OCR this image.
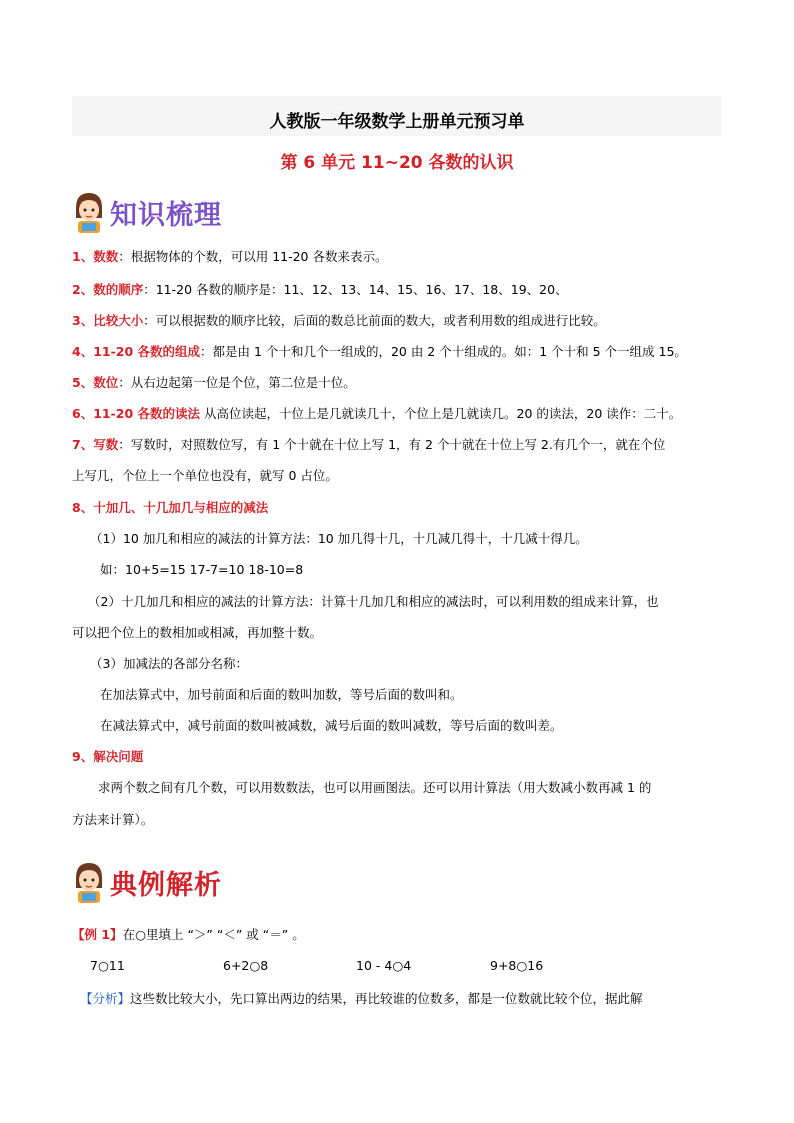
人教版一年级数学上册单元预习单
第 6 单元 11~20 各数的认识
知识梳理
1、数数：根据物体的个数，可以用 11-20 各数来表示。
2、数的顺序：11-20 各数的顺序是：11、12、13、14、15、16、17、18、19、20、
3、比较大小：可以根据数的顺序比较，后面的数总比前面的数大，或者利用数的组成进行比较。
4、11-20 各数的组成：都是由 1 个十和几个一组成的，20 由 2 个十组成的。如：1 个十和 5 个一组成 15。
5、数位：从右边起第一位是个位，第二位是十位。
6、11-20 各数的读法 从高位读起，十位上是几就读几十，个位上是几就读几。20 的读法，20 读作：二十。
7、写数：写数时，对照数位写，有 1 个十就在十位上写 1，有 2 个十就在十位上写 2.有几个一，就在个位
上写几，个位上一个单位也没有，就写 0 占位。
8、十加几、十几加几与相应的减法
（1）10 加几和相应的减法的计算方法：10 加几得十几，十几减几得十，十几减十得几。
如：10+5=15 17-7=10 18-10=8
（2）十几加几和相应的减法的计算方法：计算十几加几和相应的减法时，可以利用数的组成来计算，也
可以把个位上的数相加或相减，再加整十数。
（3）加减法的各部分名称：
在加法算式中，加号前面和后面的数叫加数，等号后面的数叫和。
在减法算式中，减号前面的数叫被减数，减号后面的数叫减数，等号后面的数叫差。
9、解决问题
求两个数之间有几个数，可以用数数法，也可以用画图法。还可以用计算法（用大数减小数再减 1 的
方法来计算）。
典例解析
【例 1】在○里填上 “＞” “＜” 或 “＝” 。
7○11	6+2○8	10 - 4○4	9+8○16
【分析】这些数比较大小，先口算出两边的结果，再比较谁的位数多，都是一位数就比较个位，据此解
